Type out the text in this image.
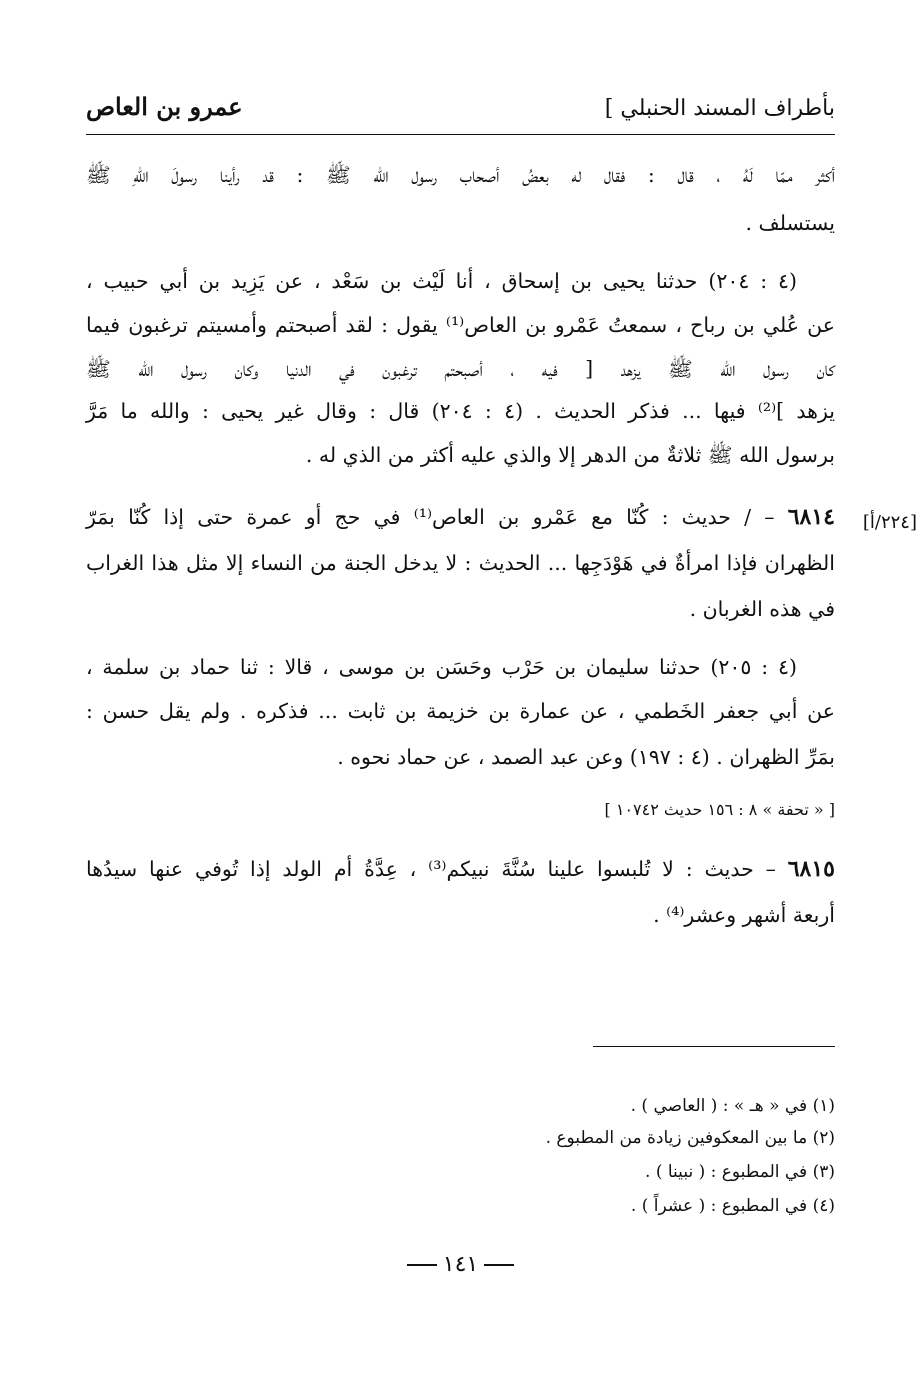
بأطراف المسند الحنبلي ]
عمرو بن العاص
أكثر ممّا لَهُ ، قال : فقال له بعضُ أصحاب رسول الله ﷺ : قد رأينا رسولَ اللهِ ﷺ
يستسلف .
(٤ : ٢٠٤) حدثنا يحيى بن إسحاق ، أنا لَيْث بن سَعْد ، عن يَزِيد بن أبي حبيب ،
عن عُلي بن رباح ، سمعتُ عَمْرو بن العاص⁽¹⁾ يقول : لقد أصبحتم وأمسيتم ترغبون فيما
كان رسول الله ﷺ يزهد [ فيه ، أصبحتم ترغبون في الدنيا وكان رسول الله ﷺ
يزهد ]⁽²⁾ فيها ... فذكر الحديث . (٤ : ٢٠٤) قال : وقال غير يحيى : والله ما مَرَّ
برسول الله ﷺ ثلاثةٌ من الدهر إلا والذي عليه أكثر من الذي له .
[٢٢٤/أ]
٦٨١٤ – / حديث : كُنّا مع عَمْرو بن العاص⁽¹⁾ في حج أو عمرة حتى إذا كُنّا بمَرّ
الظهران فإذا امرأةٌ في هَوْدَجِها ... الحديث : لا يدخل الجنة من النساء إلا مثل هذا الغراب
في هذه الغربان .
(٤ : ٢٠٥) حدثنا سليمان بن حَرْب وحَسَن بن موسى ، قالا : ثنا حماد بن سلمة ،
عن أبي جعفر الخَطمي ، عن عمارة بن خزيمة بن ثابت ... فذكره . ولم يقل حسن :
بمَرِّ الظهران . (٤ : ١٩٧) وعن عبد الصمد ، عن حماد نحوه .
[ « تحفة » ٨ : ١٥٦ حديث ١٠٧٤٢ ]
٦٨١٥ – حديث : لا تُلبسوا علينا سُنَّةَ نبيكم⁽³⁾ ، عِدَّةُ أم الولد إذا تُوفي عنها سيدُها
أربعة أشهر وعشر⁽⁴⁾ .
(١) في « هـ » : ( العاصي ) .
(٢) ما بين المعكوفين زيادة من المطبوع .
(٣) في المطبوع : ( نبينا ) .
(٤) في المطبوع : ( عشراً ) .
١٤١
